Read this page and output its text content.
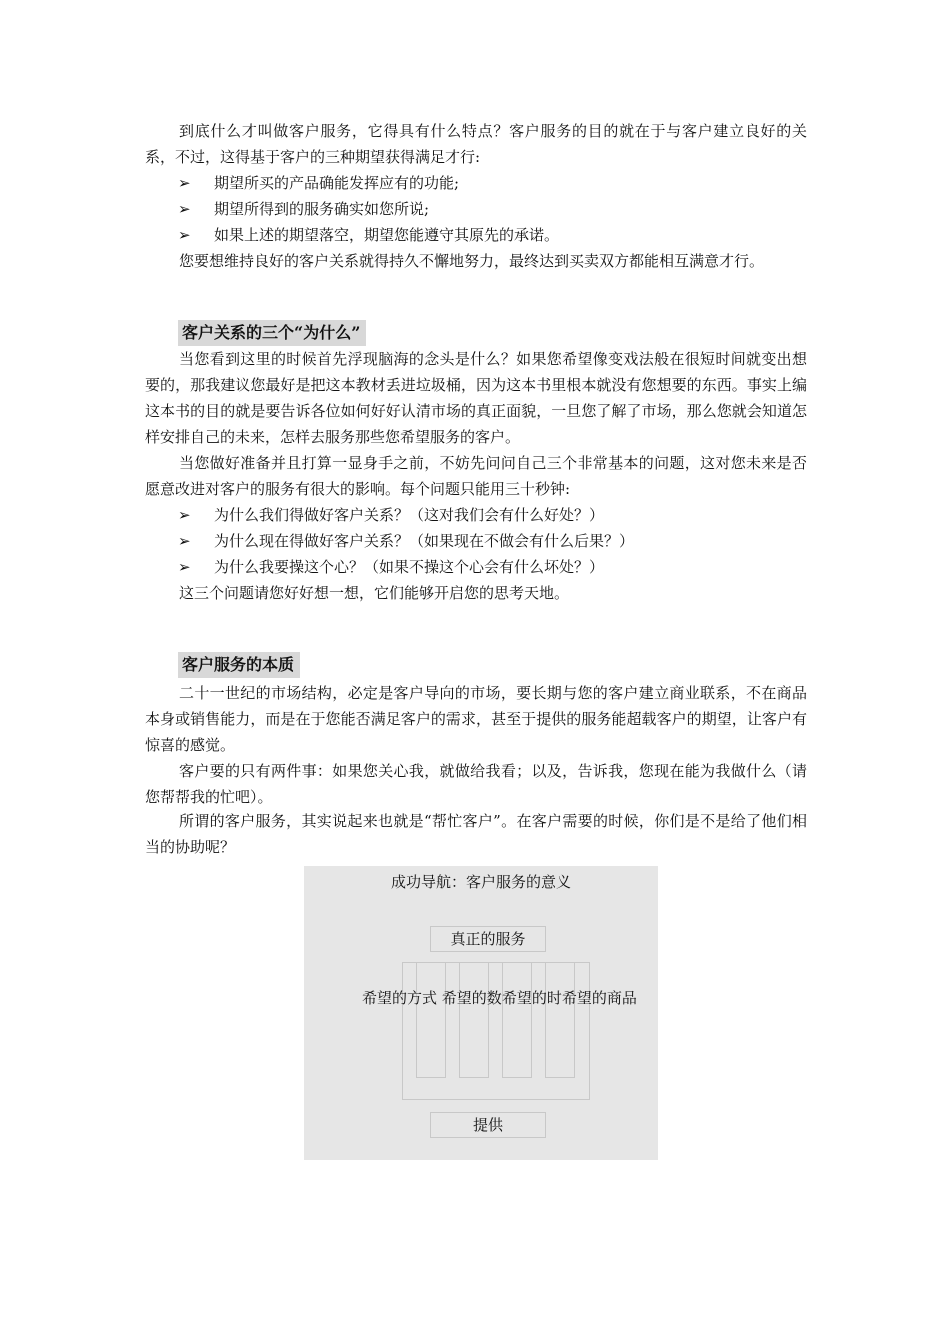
到底什么才叫做客户服务，它得具有什么特点？客户服务的目的就在于与客户建立良好的关系，不过，这得基于客户的三种期望获得满足才行:

➢ 期望所买的产品确能发挥应有的功能;

➢ 期望所得到的服务确实如您所说;

➢ 如果上述的期望落空，期望您能遵守其原先的承诺。

您要想维持良好的客户关系就得持久不懈地努力，最终达到买卖双方都能相互满意才行。

客户关系的三个“为什么”

当您看到这里的时候首先浮现脑海的念头是什么？如果您希望像变戏法般在很短时间就变出想要的，那我建议您最好是把这本教材丢进垃圾桶，因为这本书里根本就没有您想要的东西。事实上编这本书的目的就是要告诉各位如何好好认清市场的真正面貌，一旦您了解了市场，那么您就会知道怎样安排自己的未来，怎样去服务那些您希望服务的客户。

当您做好准备并且打算一显身手之前，不妨先问问自己三个非常基本的问题，这对您未来是否愿意改进对客户的服务有很大的影响。每个问题只能用三十秒钟:

➢ 为什么我们得做好客户关系？（这对我们会有什么好处？）

➢ 为什么现在得做好客户关系？（如果现在不做会有什么后果？）

➢ 为什么我要操这个心？（如果不操这个心会有什么坏处？）

这三个问题请您好好想一想，它们能够开启您的思考天地。

客户服务的本质

二十一世纪的市场结构，必定是客户导向的市场，要长期与您的客户建立商业联系，不在商品本身或销售能力，而是在于您能否满足客户的需求，甚至于提供的服务能超载客户的期望，让客户有惊喜的感觉。

客户要的只有两件事：如果您关心我，就做给我看；以及，告诉我，您现在能为我做什么（请您帮帮我的忙吧）。

所谓的客户服务，其实说起来也就是“帮忙客户”。在客户需要的时候，你们是不是给了他们相当的协助呢？

成功导航：客户服务的意义
真正的服务
希望的方式 希望的数希望的时希望的商品
提供
